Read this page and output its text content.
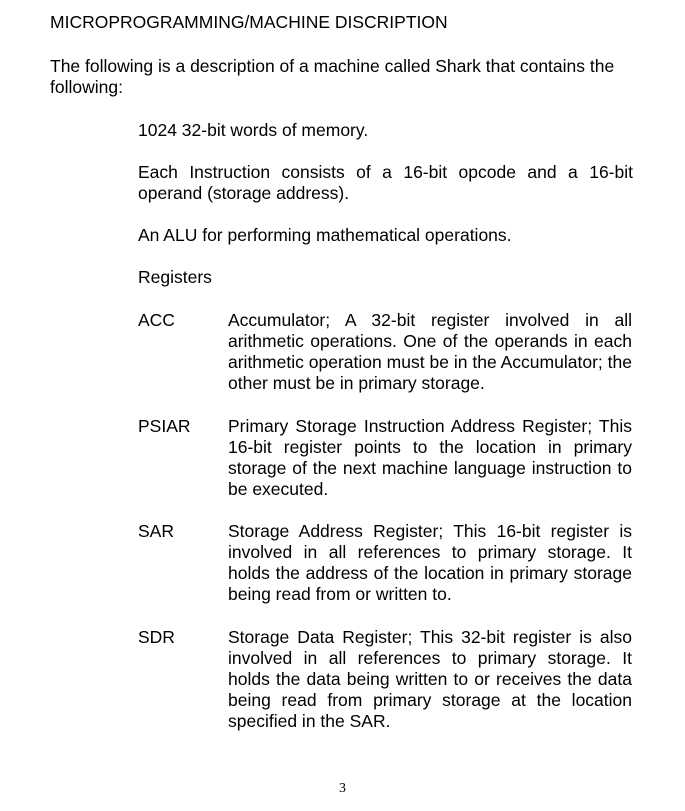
MICROPROGRAMMING/MACHINE DISCRIPTION
The following is a description of a machine called Shark that contains the following:
1024 32-bit words of memory.
Each Instruction consists of a 16-bit opcode and a 16-bit operand (storage address).
An ALU for performing mathematical operations.
Registers
ACC	Accumulator; A 32-bit register involved in all arithmetic operations. One of the operands in each arithmetic operation must be in the Accumulator; the other must be in primary storage.
PSIAR Primary Storage Instruction Address Register; This 16-bit register points to the location in primary storage of the next machine language instruction to be executed.
SAR	Storage Address Register; This 16-bit register is involved in all references to primary storage. It holds the address of the location in primary storage being read from or written to.
SDR	Storage Data Register; This 32-bit register is also involved in all references to primary storage. It holds the data being written to or receives the data being read from primary storage at the location specified in the SAR.
3
